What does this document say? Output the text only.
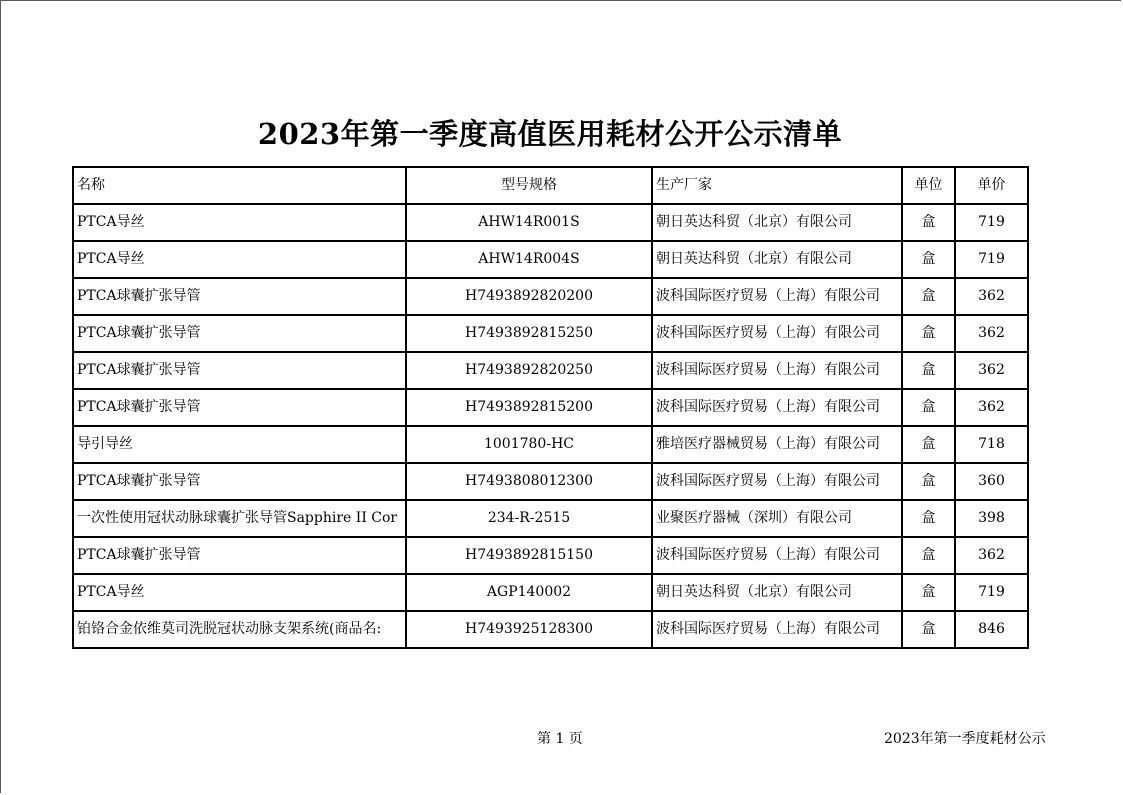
2023年第一季度高值医用耗材公开公示清单
名称	型号规格	生产厂家	单位	单价
PTCA导丝	AHW14R001S	朝日英达科贸（北京）有限公司	盒	719
PTCA导丝	AHW14R004S	朝日英达科贸（北京）有限公司	盒	719
PTCA球囊扩张导管	H7493892820200	波科国际医疗贸易（上海）有限公司	盒	362
PTCA球囊扩张导管	H7493892815250	波科国际医疗贸易（上海）有限公司	盒	362
PTCA球囊扩张导管	H7493892820250	波科国际医疗贸易（上海）有限公司	盒	362
PTCA球囊扩张导管	H7493892815200	波科国际医疗贸易（上海）有限公司	盒	362
导引导丝	1001780-HC	雅培医疗器械贸易（上海）有限公司	盒	718
PTCA球囊扩张导管	H7493808012300	波科国际医疗贸易（上海）有限公司	盒	360
一次性使用冠状动脉球囊扩张导管Sapphire II Cor	234-R-2515	业聚医疗器械（深圳）有限公司	盒	398
PTCA球囊扩张导管	H7493892815150	波科国际医疗贸易（上海）有限公司	盒	362
PTCA导丝	AGP140002	朝日英达科贸（北京）有限公司	盒	719
铂铬合金依维莫司洗脱冠状动脉支架系统(商品名:	H7493925128300	波科国际医疗贸易（上海）有限公司	盒	846
第 1 页	2023年第一季度耗材公示
